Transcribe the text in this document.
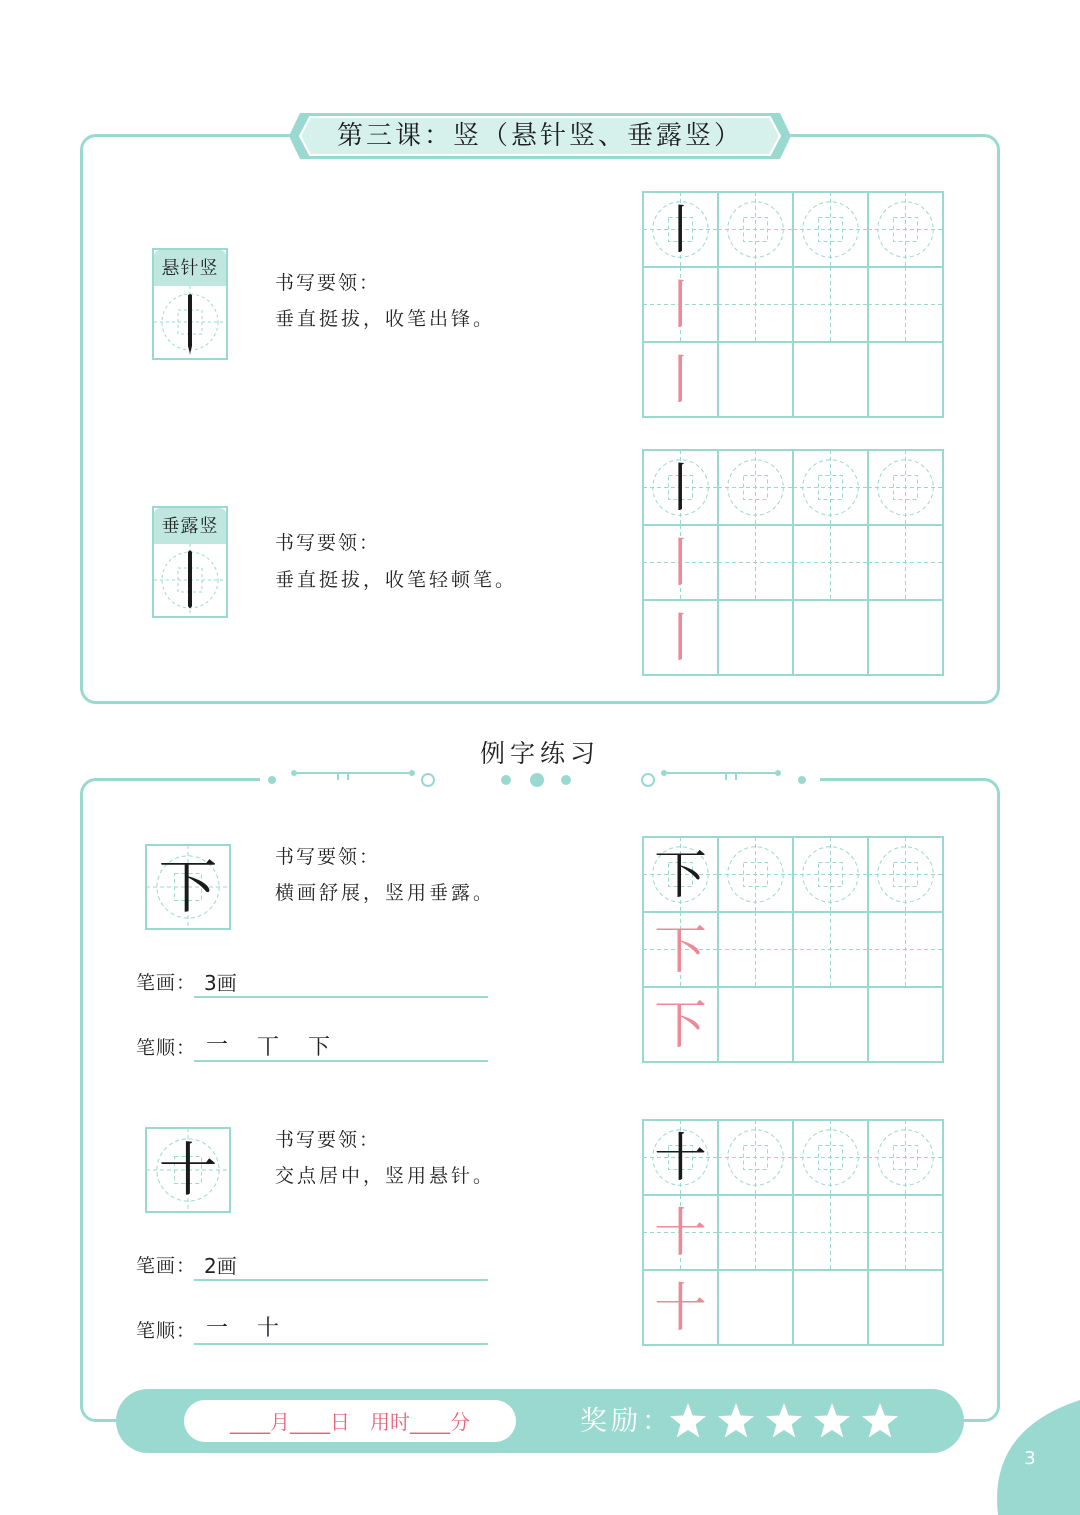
第三课：竖（悬针竖、垂露竖）
悬针竖
书写要领：
垂直挺拔，收笔出锋。
垂露竖
书写要领：
垂直挺拔，收笔轻顿笔。
丨
丨
丨
丨
丨
丨
例字练习
下	书写要领：
横画舒展，竖用垂露。
笔画： 3画
笔顺： 一 丅 下
下
下
下
十	书写要领：
交点居中，竖用悬针。
笔画： 2画
笔顺： 一 十
十
十
十
____月____日　用时____分	奖励：
3
